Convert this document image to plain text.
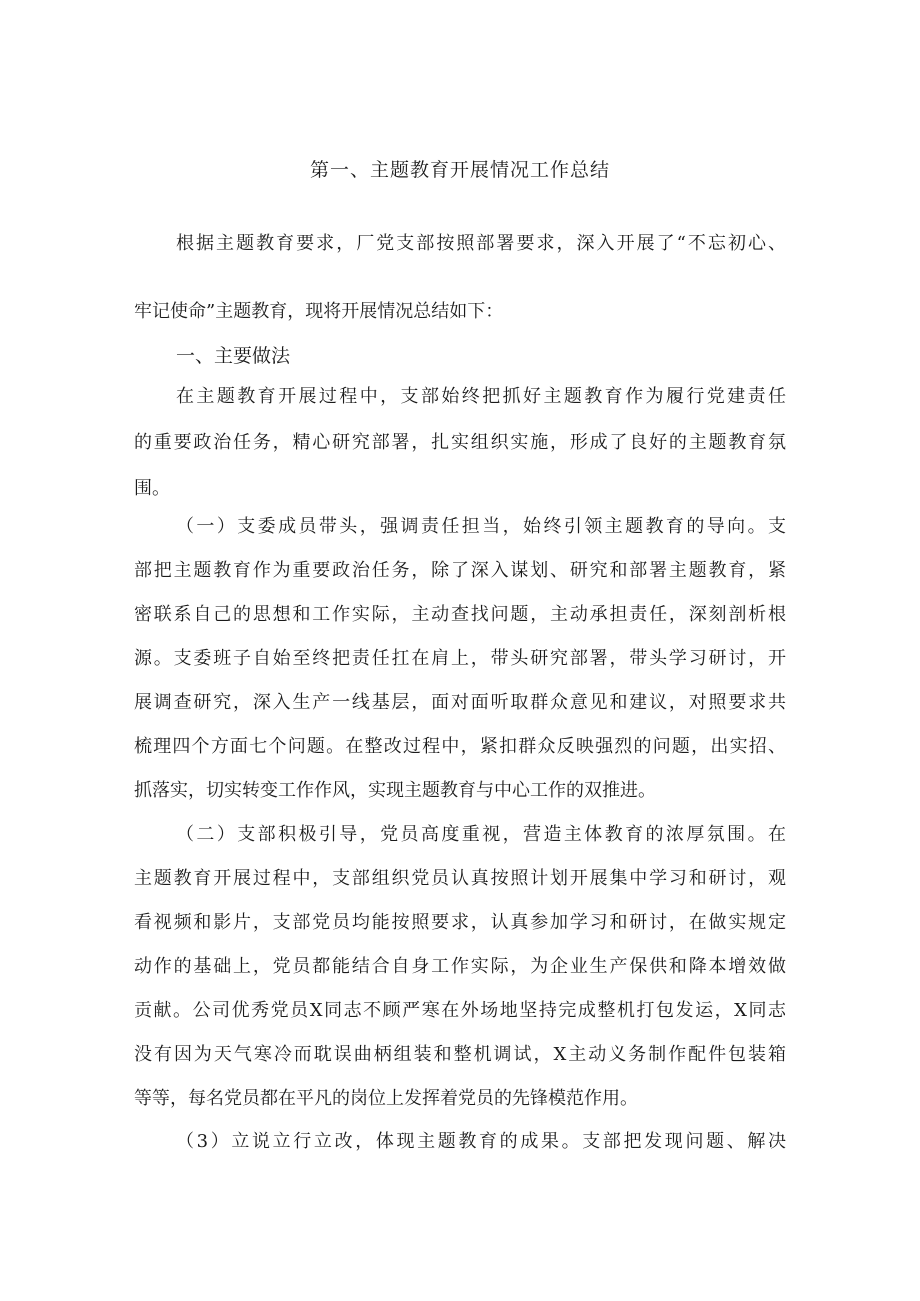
第一、主题教育开展情况工作总结
根据主题教育要求，厂党支部按照部署要求，深入开展了“不忘初心、
牢记使命”主题教育，现将开展情况总结如下：
一、主要做法
在主题教育开展过程中，支部始终把抓好主题教育作为履行党建责任
的重要政治任务，精心研究部署，扎实组织实施，形成了良好的主题教育氛
围。
（一）支委成员带头，强调责任担当，始终引领主题教育的导向。支
部把主题教育作为重要政治任务，除了深入谋划、研究和部署主题教育，紧
密联系自己的思想和工作实际，主动查找问题，主动承担责任，深刻剖析根
源。支委班子自始至终把责任扛在肩上，带头研究部署，带头学习研讨，开
展调查研究，深入生产一线基层，面对面听取群众意见和建议，对照要求共
梳理四个方面七个问题。在整改过程中，紧扣群众反映强烈的问题，出实招、
抓落实，切实转变工作作风，实现主题教育与中心工作的双推进。
（二）支部积极引导，党员高度重视，营造主体教育的浓厚氛围。在
主题教育开展过程中，支部组织党员认真按照计划开展集中学习和研讨，观
看视频和影片，支部党员均能按照要求，认真参加学习和研讨，在做实规定
动作的基础上，党员都能结合自身工作实际，为企业生产保供和降本增效做
贡献。公司优秀党员X同志不顾严寒在外场地坚持完成整机打包发运，X同志
没有因为天气寒冷而耽误曲柄组装和整机调试，X主动义务制作配件包装箱
等等，每名党员都在平凡的岗位上发挥着党员的先锋模范作用。
（3）立说立行立改，体现主题教育的成果。支部把发现问题、解决
